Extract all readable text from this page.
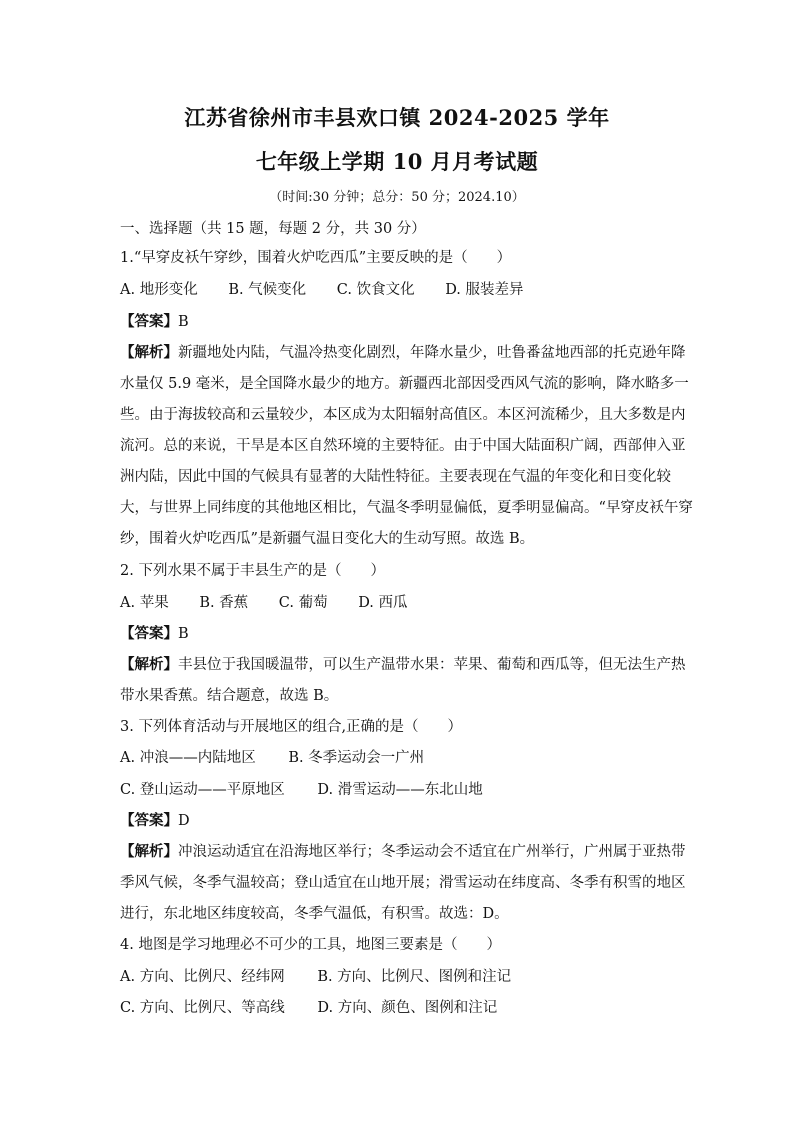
江苏省徐州市丰县欢口镇 2024-2025 学年
七年级上学期 10 月月考试题
（时间:30 分钟；总分：50 分；2024.10）
一、选择题（共 15 题，每题 2 分，共 30 分）
1.“早穿皮袄午穿纱，围着火炉吃西瓜”主要反映的是（　　）
A. 地形变化 B. 气候变化 C. 饮食文化 D. 服装差异
【答案】B
【解析】新疆地处内陆，气温冷热变化剧烈，年降水量少，吐鲁番盆地西部的托克逊年降
水量仅 5.9 毫米，是全国降水最少的地方。新疆西北部因受西风气流的影响，降水略多一
些。由于海拔较高和云量较少，本区成为太阳辐射高值区。本区河流稀少，且大多数是内
流河。总的来说，干旱是本区自然环境的主要特征。由于中国大陆面积广阔，西部伸入亚
洲内陆，因此中国的气候具有显著的大陆性特征。主要表现在气温的年变化和日变化较
大，与世界上同纬度的其他地区相比，气温冬季明显偏低，夏季明显偏高。“早穿皮袄午穿
纱，围着火炉吃西瓜”是新疆气温日变化大的生动写照。故选 B。
2. 下列水果不属于丰县生产的是（　　）
A. 苹果 B. 香蕉 C. 葡萄 D. 西瓜
【答案】B
【解析】丰县位于我国暖温带，可以生产温带水果：苹果、葡萄和西瓜等，但无法生产热
带水果香蕉。结合题意，故选 B。
3. 下列体育活动与开展地区的组合,正确的是（　　）
A. 冲浪——内陆地区 B. 冬季运动会一广州
C. 登山运动——平原地区 D. 滑雪运动——东北山地
【答案】D
【解析】冲浪运动适宜在沿海地区举行；冬季运动会不适宜在广州举行，广州属于亚热带
季风气候，冬季气温较高；登山适宜在山地开展；滑雪运动在纬度高、冬季有积雪的地区
进行，东北地区纬度较高，冬季气温低，有积雪。故选：D。
4. 地图是学习地理必不可少的工具，地图三要素是（　　）
A. 方向、比例尺、经纬网 B. 方向、比例尺、图例和注记
C. 方向、比例尺、等高线 D. 方向、颜色、图例和注记
